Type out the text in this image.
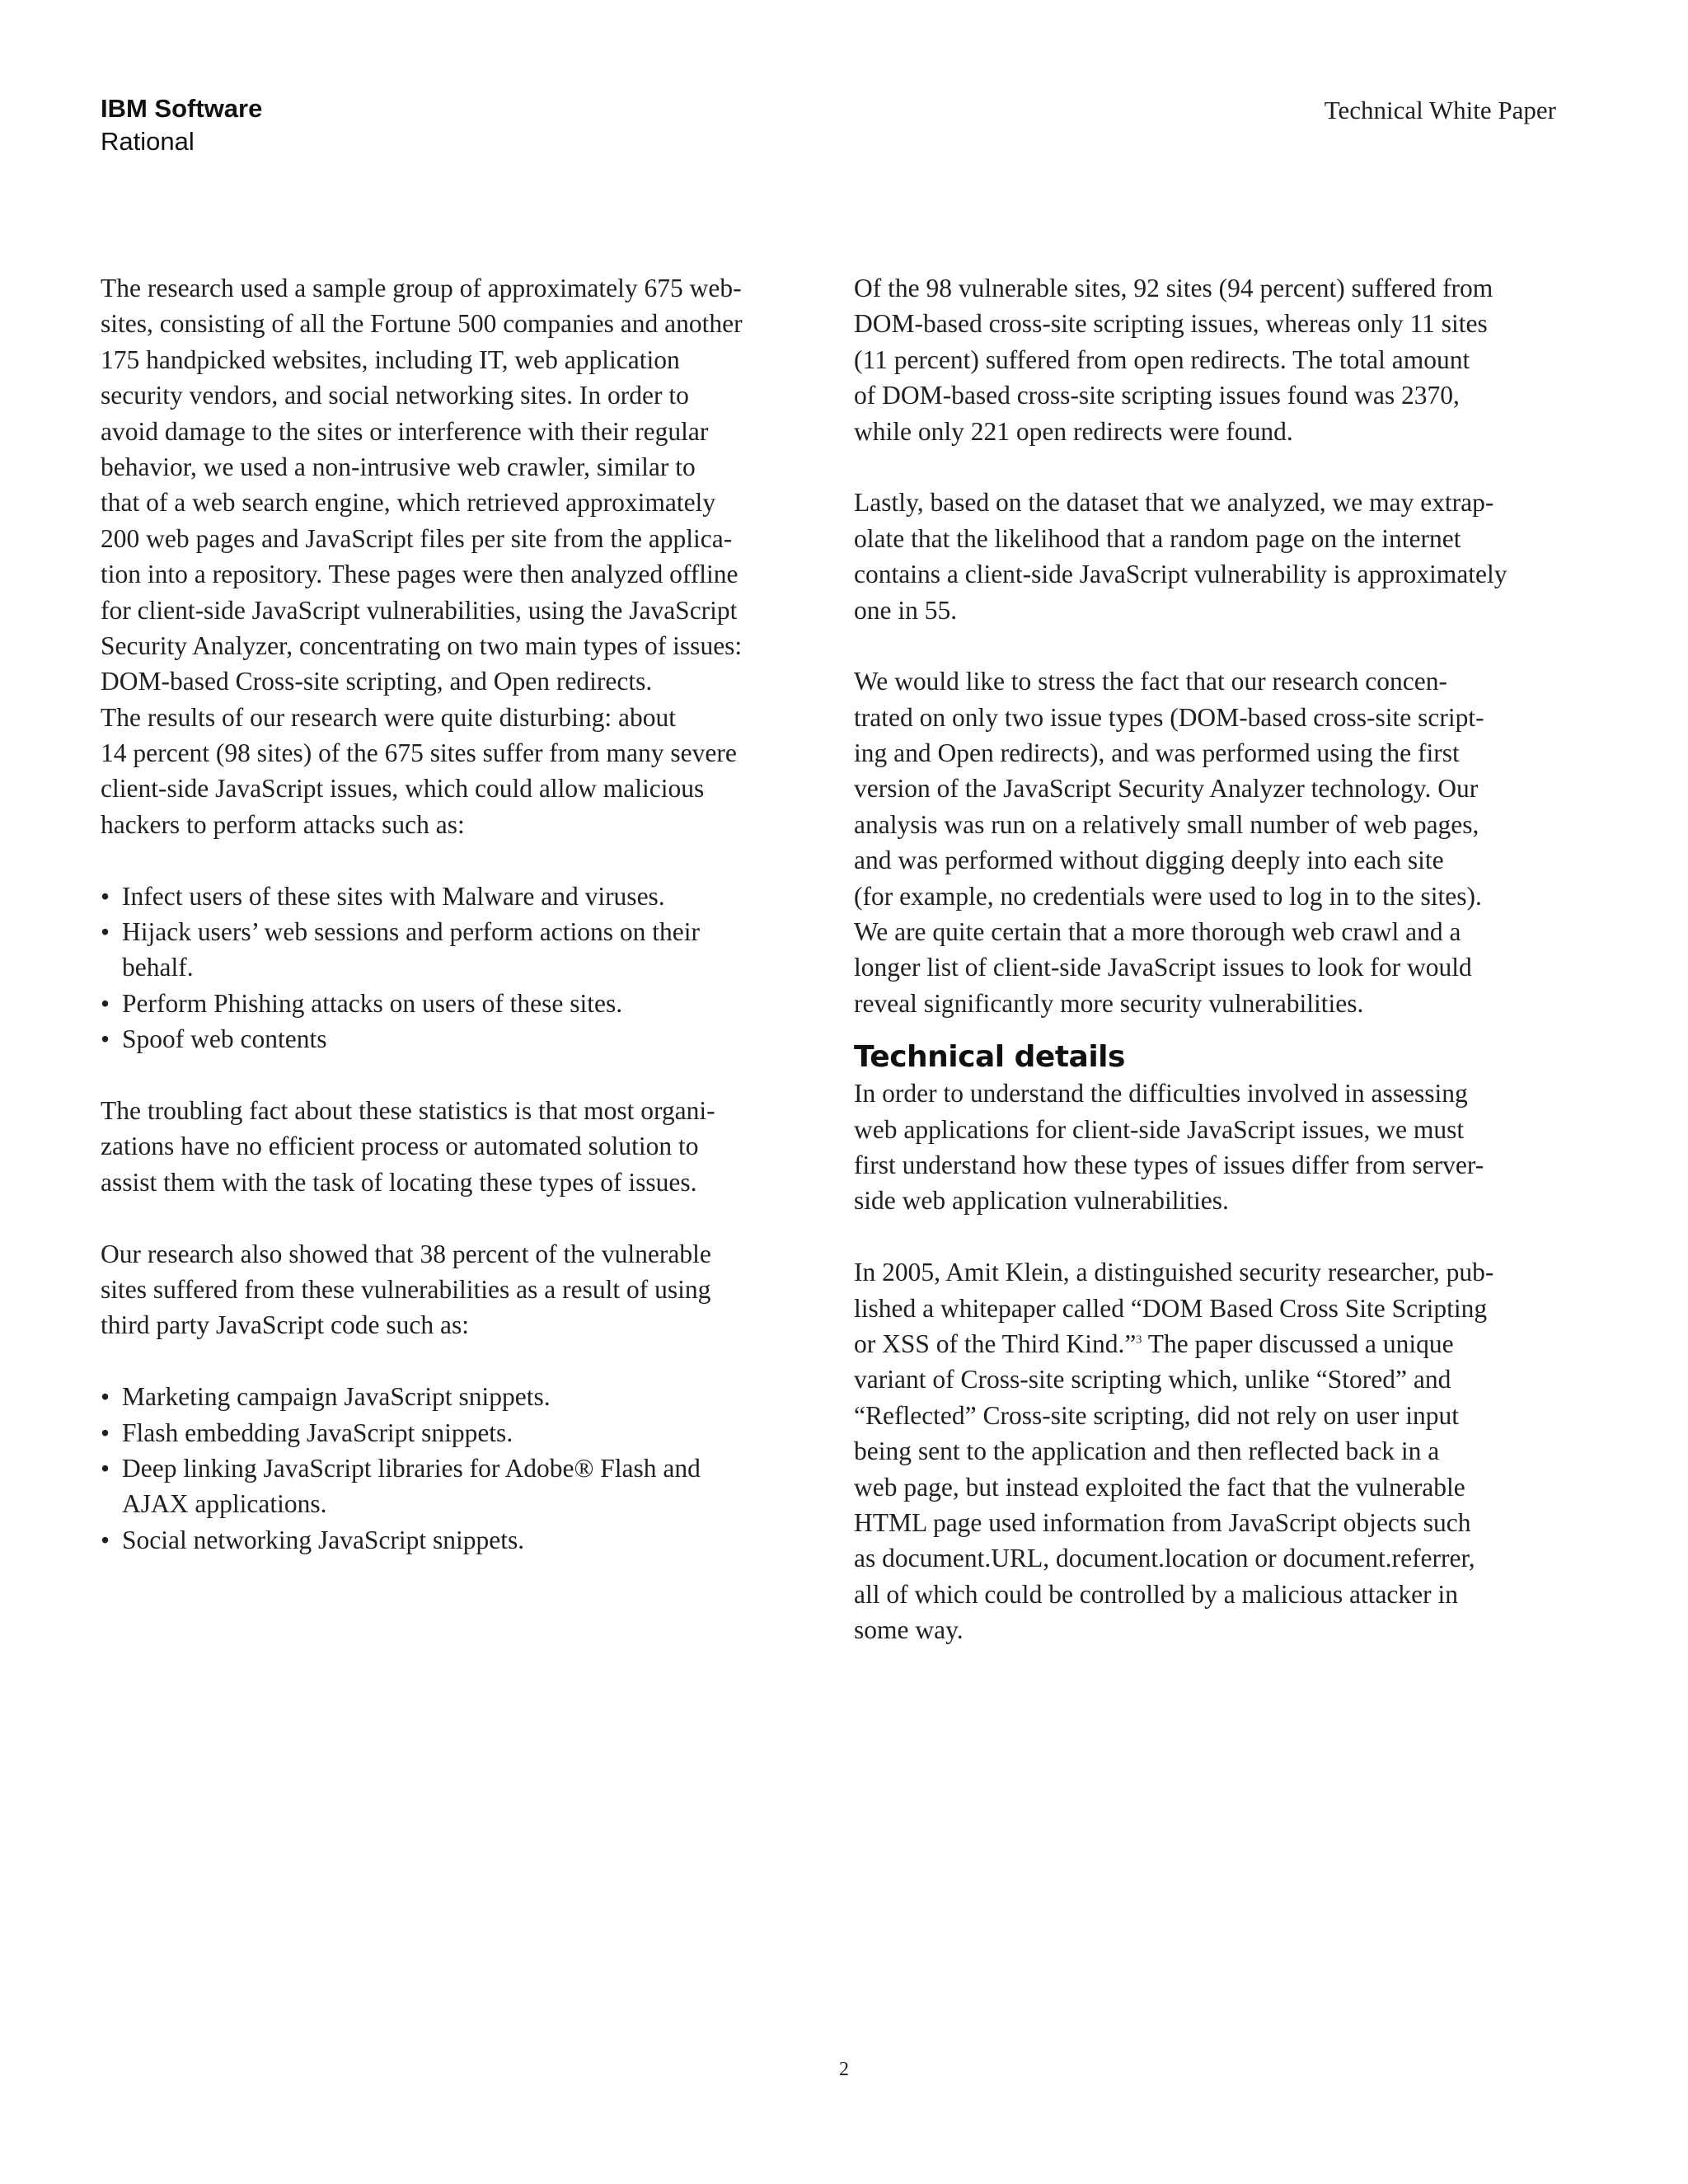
IBM Software
Rational
Technical White Paper
The research used a sample group of approximately 675 web-
sites, consisting of all the Fortune 500 companies and another
175 handpicked websites, including IT, web application
security vendors, and social networking sites. In order to
avoid damage to the sites or interference with their regular
behavior, we used a non-intrusive web crawler, similar to
that of a web search engine, which retrieved approximately
200 web pages and JavaScript files per site from the applica-
tion into a repository. These pages were then analyzed offline
for client-side JavaScript vulnerabilities, using the JavaScript
Security Analyzer, concentrating on two main types of issues:
DOM-based Cross-site scripting, and Open redirects.
The results of our research were quite disturbing: about
14 percent (98 sites) of the 675 sites suffer from many severe
client-side JavaScript issues, which could allow malicious
hackers to perform attacks such as:
• Infect users of these sites with Malware and viruses.
• Hijack users’ web sessions and perform actions on their
behalf.
• Perform Phishing attacks on users of these sites.
• Spoof web contents
The troubling fact about these statistics is that most organi-
zations have no efficient process or automated solution to
assist them with the task of locating these types of issues.
Our research also showed that 38 percent of the vulnerable
sites suffered from these vulnerabilities as a result of using
third party JavaScript code such as:
• Marketing campaign JavaScript snippets.
• Flash embedding JavaScript snippets.
• Deep linking JavaScript libraries for Adobe® Flash and
AJAX applications.
• Social networking JavaScript snippets.
Of the 98 vulnerable sites, 92 sites (94 percent) suffered from
DOM-based cross-site scripting issues, whereas only 11 sites
(11 percent) suffered from open redirects. The total amount
of DOM-based cross-site scripting issues found was 2370,
while only 221 open redirects were found.
Lastly, based on the dataset that we analyzed, we may extrap-
olate that the likelihood that a random page on the internet
contains a client-side JavaScript vulnerability is approximately
one in 55.
We would like to stress the fact that our research concen-
trated on only two issue types (DOM-based cross-site script-
ing and Open redirects), and was performed using the first
version of the JavaScript Security Analyzer technology. Our
analysis was run on a relatively small number of web pages,
and was performed without digging deeply into each site
(for example, no credentials were used to log in to the sites).
We are quite certain that a more thorough web crawl and a
longer list of client-side JavaScript issues to look for would
reveal significantly more security vulnerabilities.
Technical details
In order to understand the difficulties involved in assessing
web applications for client-side JavaScript issues, we must
first understand how these types of issues differ from server-
side web application vulnerabilities.
In 2005, Amit Klein, a distinguished security researcher, pub-
lished a whitepaper called “DOM Based Cross Site Scripting
or XSS of the Third Kind.”$^3$ The paper discussed a unique
variant of Cross-site scripting which, unlike “Stored” and
“Reflected” Cross-site scripting, did not rely on user input
being sent to the application and then reflected back in a
web page, but instead exploited the fact that the vulnerable
HTML page used information from JavaScript objects such
as document.URL, document.location or document.referrer,
all of which could be controlled by a malicious attacker in
some way.
2
